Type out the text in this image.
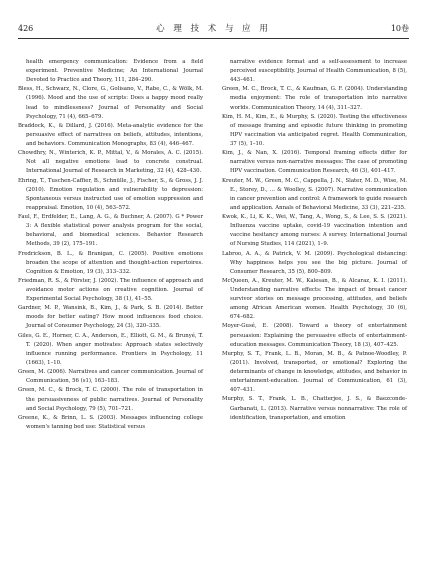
426	心 理 技 术 与 应 用	10卷

health emergency communication: Evidence from a field experiment. Preventive Medicine; An International Journal Devoted to Practice and Theory, 111, 284–290.

Bless, H., Schwarz, N., Clore, G., Golisano, V., Rabe, C., & Wölk, M. (1996). Mood and the use of scripts: Does a happy mood really lead to mindlessness? Journal of Personality and Social Psychology, 71 (4), 665–679.

Braddock, K., & Dillard, J. (2016). Meta-analytic evidence for the persuasive effect of narratives on beliefs, attitudes, intentions, and behaviors. Communication Monographs, 83 (4), 446–467.

Chowdhry, N., Winterich, K. P., Mittal, V., & Morales, A. C. (2015). Not all negative emotions lead to concrete construal. International Journal of Research in Marketing, 32 (4), 428–430.

Ehring, T., Tuschen-Caffier, B., Schnülle, J., Fischer, S., & Gross, J. J. (2010). Emotion regulation and vulnerability to depression: Spontaneous versus instructed use of emotion suppression and reappraisal. Emotion, 10 (4), 563–572.

Faul, F., Erdfelder, E., Lang, A. G., & Buchner, A. (2007). G * Power 3: A flexible statistical power analysis program for the social, behavioral, and biomedical sciences. Behavior Research Methods, 39 (2), 175–191.

Fredrickson, B. L., & Branigan, C. (2005). Positive emotions broaden the scope of attention and thought-action repertoires. Cognition & Emotion, 19 (3), 313–332.

Friedman, R. S., & Förster, J. (2002). The influence of approach and avoidance motor actions on creative cognition. Journal of Experimental Social Psychology, 38 (1), 41–55.

Gardner, M. P., Wansink, B., Kim, J., & Park, S. B. (2014). Better moods for better eating? How mood influences food choice. Journal of Consumer Psychology, 24 (3), 320–335.

Giles, G. E., Horner, C. A., Anderson, E., Elliott, G. M., & Brunyé, T. T. (2020). When anger motivates: Approach states selectively influence running performance. Frontiers in Psychology, 11 (1663), 1–10.

Green, M. (2006). Narratives and cancer communication. Journal of Communication, 56 (s1), 163–183.

Green, M. C., & Brock, T. C. (2000). The role of transportation in the persuasiveness of public narratives. Journal of Personality and Social Psychology, 79 (5), 701–721.

Greene, K., & Brinn, L. S. (2003). Messages influencing college women's tanning bed use: Statistical versus

narrative evidence format and a self-assessment to increase perceived susceptibility. Journal of Health Communication, 8 (5), 443–461.

Green, M. C., Brock, T. C., & Kaufman, G. F. (2004). Understanding media enjoyment: The role of transportation into narrative worlds. Communication Theory, 14 (4), 311–327.

Kim, H. M., Kim, E., & Murphy, S. (2020). Testing the effectiveness of message framing and episodic future thinking in promoting HPV vaccination via anticipated regret. Health Communication, 37 (5), 1–10.

Kim, J., & Nan, X. (2016). Temporal framing effects differ for narrative versus non-narrative messages: The case of promoting HPV vaccination. Communication Research, 46 (3), 401–417.

Kreuter, M. W., Green, M. C., Cappella, J. N., Slater, M. D., Wise, M. E., Storey, D., ... & Woolley, S. (2007). Narrative communication in cancer prevention and control: A framework to guide research and application. Annals of Behavioral Medicine, 33 (3), 221–235.

Kwok, K., Li, K. K., Wei, W., Tang, A., Wong, S., & Lee, S. S. (2021). Influenza vaccine uptake, covid-19 vaccination intention and vaccine hesitancy among nurses: A survey. International Journal of Nursing Studies, 114 (2021), 1–9.

Labroo, A. A., & Patrick, V. M. (2009). Psychological distancing: Why happiness helps you see the big picture. Journal of Consumer Research, 35 (5), 800–809.

McQueen, A., Kreuter, M. W., Kalesan, B., & Alcaraz, K. I. (2011). Understanding narrative effects: The impact of breast cancer survivor stories on message processing, attitudes, and beliefs among African American women. Health Psychology, 30 (6), 674–682.

Moyer-Gusé, E. (2008). Toward a theory of entertainment persuasion: Explaining the persuasive effects of entertainment-education messages. Communication Theory, 18 (3), 407–425.

Murphy, S. T., Frank, L. B., Moran, M. B., & Patnoe-Woodley, P. (2011). Involved, transported, or emotional? Exploring the determinants of change in knowledge, attitudes, and behavior in entertainment-education. Journal of Communication, 61 (3), 407–431.

Murphy, S. T., Frank, L. B., Chatterjee, J. S., & Baezconde-Garbanati, L. (2013). Narrative versus nonnarrative: The role of identification, transportation, and emotion
